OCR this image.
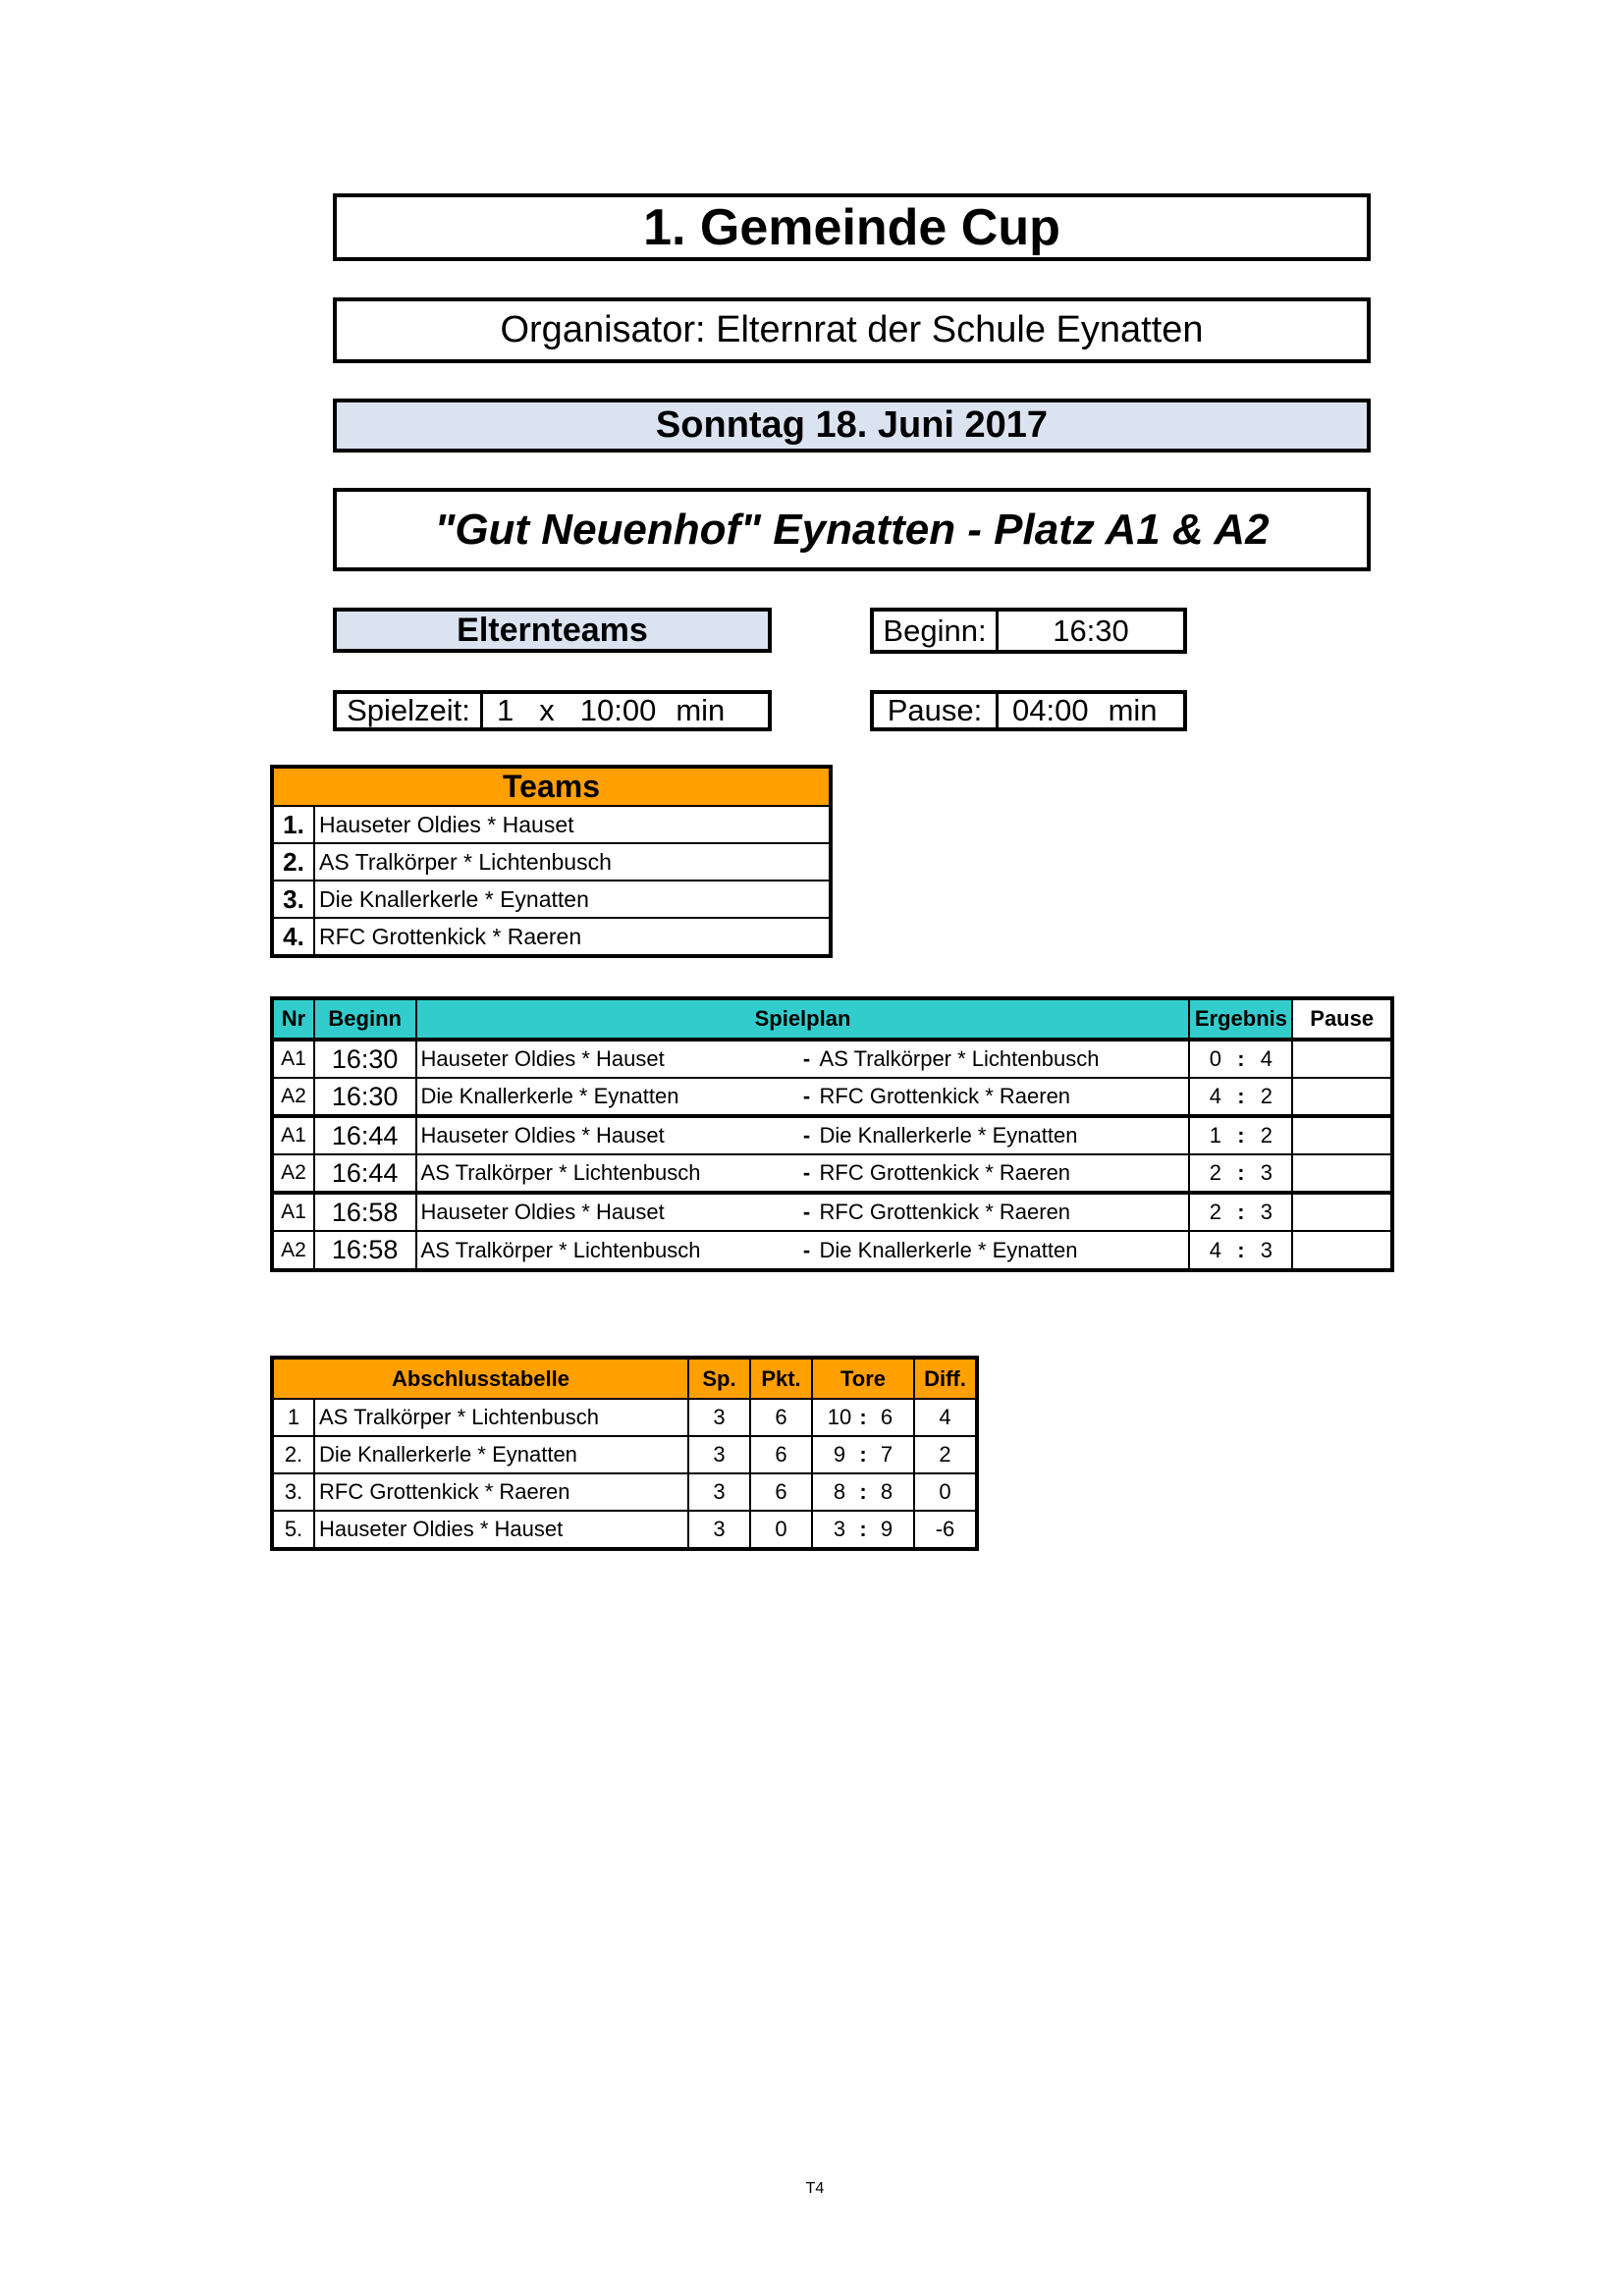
1. Gemeinde Cup
Organisator: Elternrat der Schule Eynatten
Sonntag 18. Juni 2017
"Gut Neuenhof" Eynatten - Platz A1 & A2
Elternteams	Beginn:	16:30
Spielzeit: 1 x 10:00 min	Pause: 04:00 min
Teams	
1.	Hauseter Oldies * Hauset
2.	AS Tralkörper * Lichtenbusch
3.	Die Knallerkerle * Eynatten
4.	RFC Grottenkick * Raeren
Nr	Beginn	Spielplan	Ergebnis	Pause
A1	16:30	Hauseter Oldies * Hauset - AS Tralkörper * Lichtenbusch	0 : 4	

A2	16:30	Die Knallerkerle * Eynatten - RFC Grottenkick * Raeren	4 : 2	

A1	16:44	Hauseter Oldies * Hauset - Die Knallerkerle * Eynatten	1 : 2	

A2	16:44	AS Tralkörper * Lichtenbusch - RFC Grottenkick * Raeren	2 : 3	

A1	16:58	Hauseter Oldies * Hauset - RFC Grottenkick * Raeren	2 : 3	

A2	16:58	AS Tralkörper * Lichtenbusch - Die Knallerkerle * Eynatten	4 : 3	

Abschlusstabelle		Sp.	Pkt.	Tore	Diff.
1	AS Tralkörper * Lichtenbusch	3	6	10 : 6	4
2.	Die Knallerkerle * Eynatten	3	6	9 : 7	2
3.	RFC Grottenkick * Raeren	3	6	8 : 8	0
5.	Hauseter Oldies * Hauset	3	0	3 : 9	-6
T4
